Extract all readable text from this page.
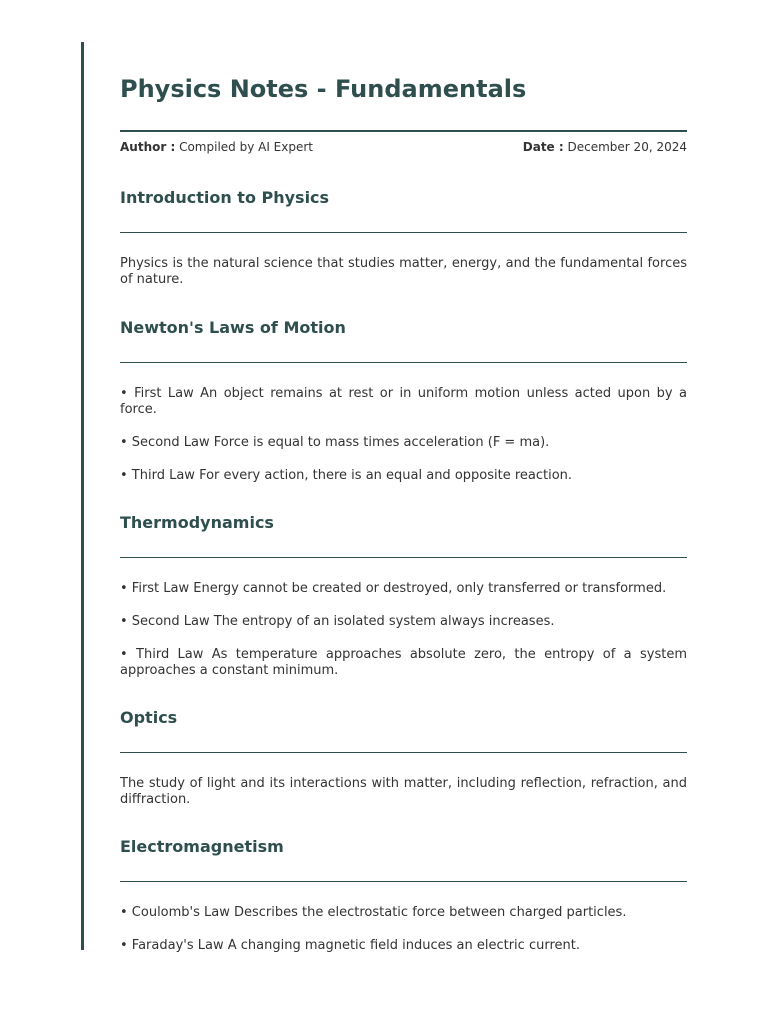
Physics Notes - Fundamentals
Author : Compiled by AI Expert	Date : December 20, 2024
Introduction to Physics

Physics is the natural science that studies matter, energy, and the fundamental forces of nature.

Newton's Laws of Motion

• First Law An object remains at rest or in uniform motion unless acted upon by a force.

• Second Law Force is equal to mass times acceleration (F = ma).

• Third Law For every action, there is an equal and opposite reaction.

Thermodynamics

• First Law Energy cannot be created or destroyed, only transferred or transformed.

• Second Law The entropy of an isolated system always increases.

• Third Law As temperature approaches absolute zero, the entropy of a system approaches a constant minimum.

Optics

The study of light and its interactions with matter, including reflection, refraction, and diffraction.

Electromagnetism

• Coulomb's Law Describes the electrostatic force between charged particles.

• Faraday's Law A changing magnetic field induces an electric current.
